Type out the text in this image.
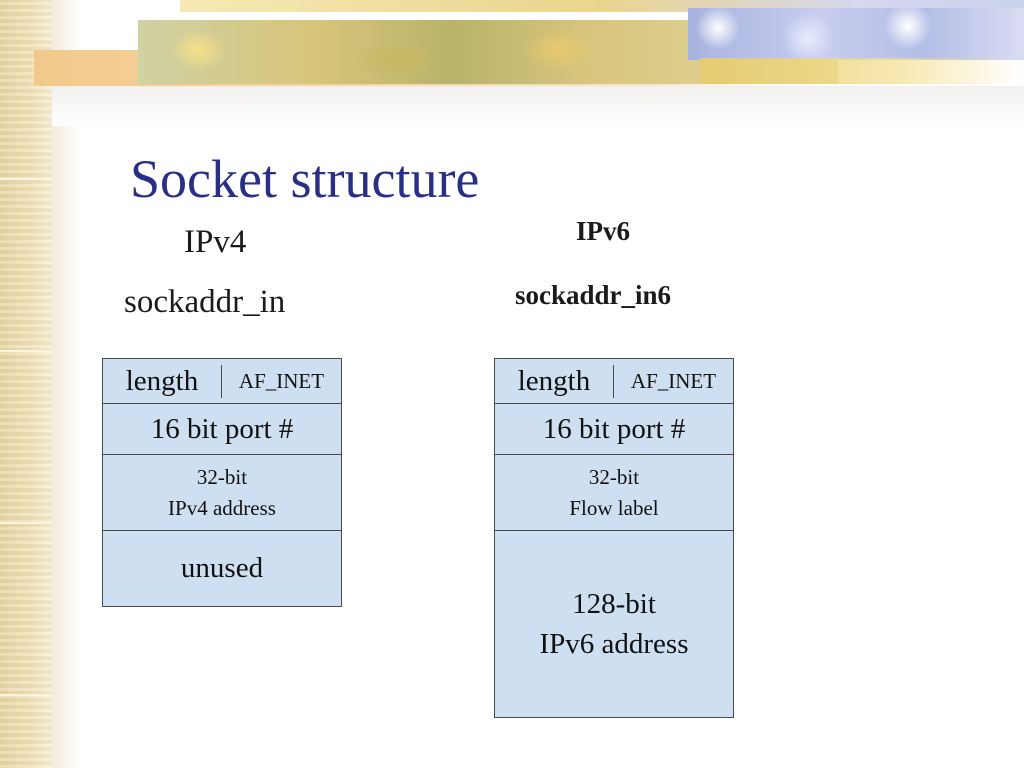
Socket structure
IPv4
sockaddr_in
IPv6
sockaddr_in6
length	AF_INET
16 bit port #
32-bit
IPv4 address
unused
length	AF_INET
16 bit port #
32-bit
Flow label
128-bit
IPv6 address
